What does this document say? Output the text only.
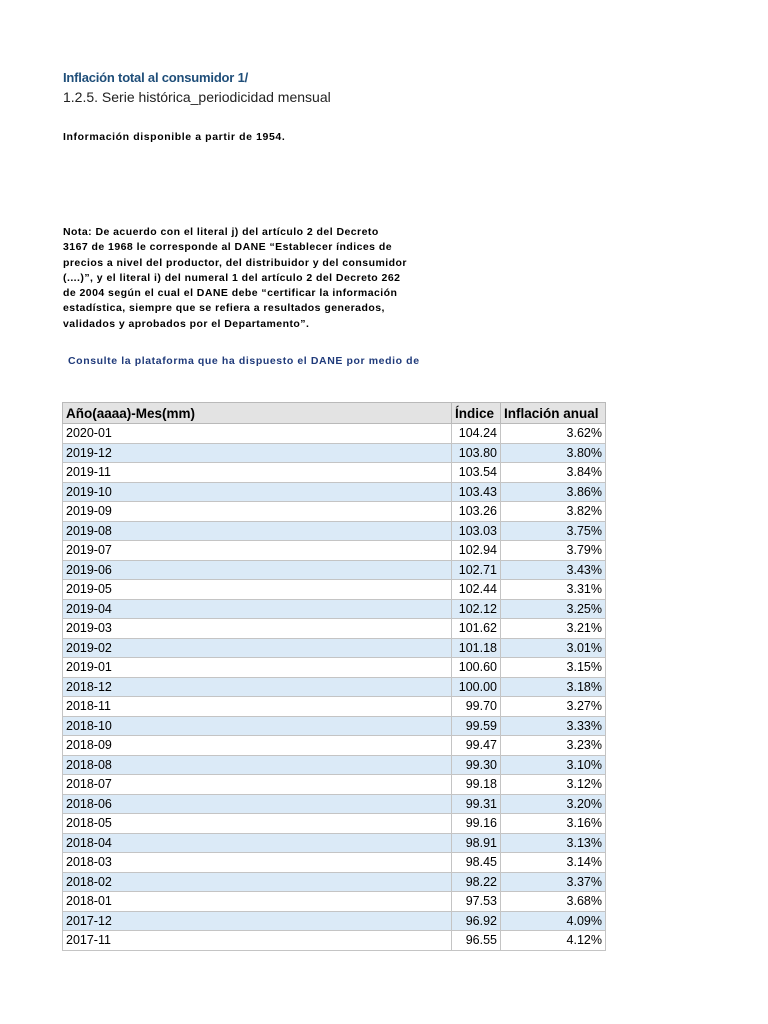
Inflación total al consumidor 1/
1.2.5. Serie histórica_periodicidad mensual
Información disponible a partir de 1954.
Nota: De acuerdo con el literal j) del artículo 2 del Decreto
3167 de 1968 le corresponde al DANE “Establecer índices de
precios a nivel del productor, del distribuidor y del consumidor
(....)”, y el literal i) del numeral 1 del artículo 2 del Decreto 262
de 2004 según el cual el DANE debe “certificar la información
estadística, siempre que se refiera a resultados generados,
validados y aprobados por el Departamento”.
Consulte la plataforma que ha dispuesto el DANE por medio de
Año(aaaa)-Mes(mm)	Índice	Inflación anual
2020-01	104.24	3.62%
2019-12	103.80	3.80%
2019-11	103.54	3.84%
2019-10	103.43	3.86%
2019-09	103.26	3.82%
2019-08	103.03	3.75%
2019-07	102.94	3.79%
2019-06	102.71	3.43%
2019-05	102.44	3.31%
2019-04	102.12	3.25%
2019-03	101.62	3.21%
2019-02	101.18	3.01%
2019-01	100.60	3.15%
2018-12	100.00	3.18%
2018-11	99.70	3.27%
2018-10	99.59	3.33%
2018-09	99.47	3.23%
2018-08	99.30	3.10%
2018-07	99.18	3.12%
2018-06	99.31	3.20%
2018-05	99.16	3.16%
2018-04	98.91	3.13%
2018-03	98.45	3.14%
2018-02	98.22	3.37%
2018-01	97.53	3.68%
2017-12	96.92	4.09%
2017-11	96.55	4.12%
